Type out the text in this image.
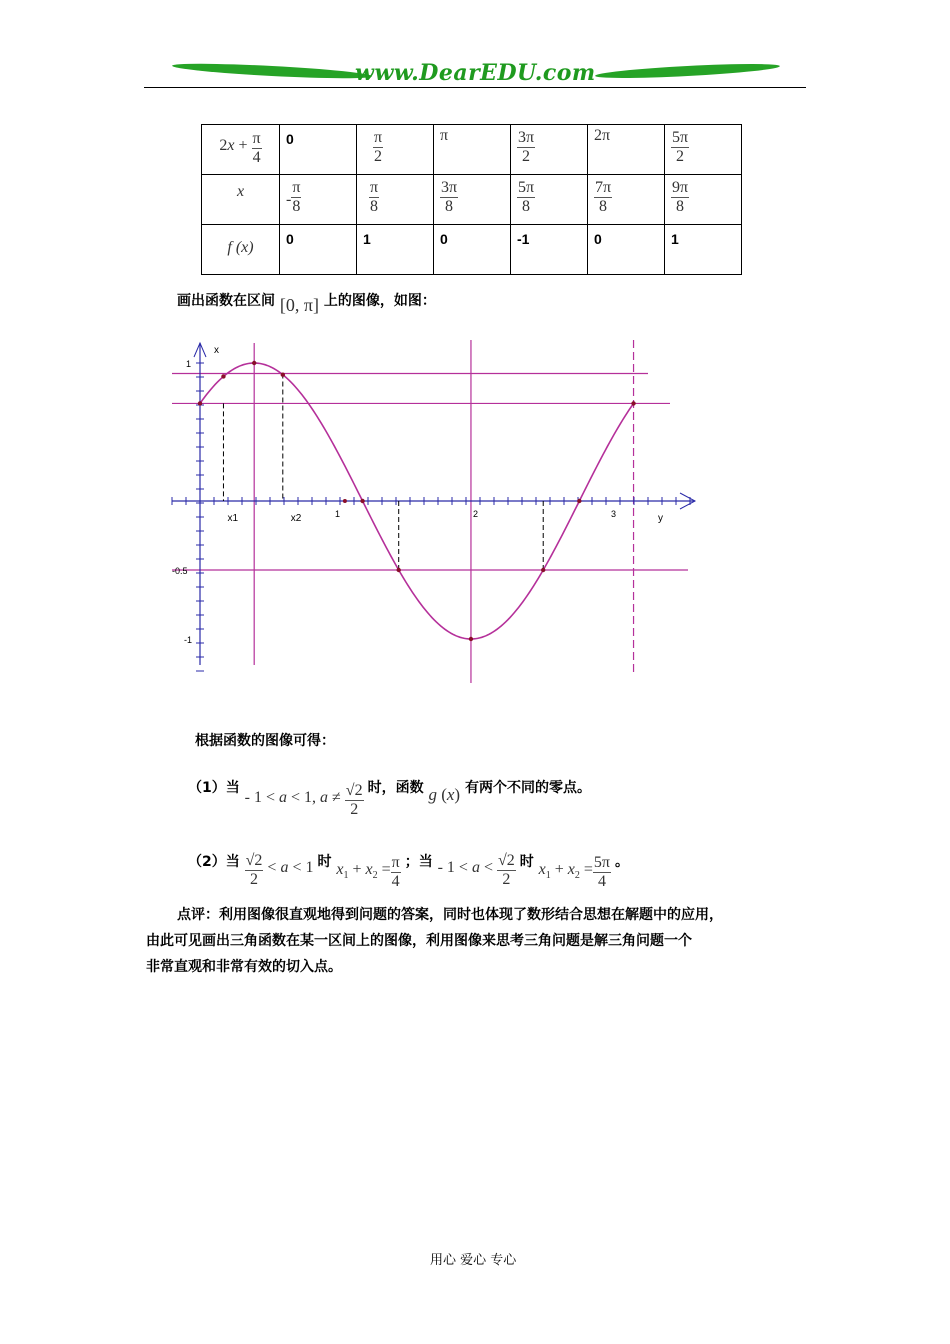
www.DearEDU.com
$2x + \frac{\pi}{4}$	0	$\frac{\pi}{2}$	π	$\frac{3\pi}{2}$	2π	$\frac{5\pi}{2}$

x	- $\frac{\pi}{8}$	$\frac{\pi}{8}$	$\frac{3\pi}{8}$	$\frac{5\pi}{8}$	$\frac{7\pi}{8}$	$\frac{9\pi}{8}$

f (x)	0	1	0	-1	0	1
画出函数在区间 [0, π] 上的图像，如图：
x
y
1	2	3
1
-0.5
-1
x1	x2
根据函数的图像可得：
（1）当 - 1 < a < 1, $a \ne \frac{√2}{2}$ 时，函数 g (x) 有两个不同的零点。
（2）当 $\frac{√2}{2} < a < 1$ 时 $x_1 + x_2 = \frac{\pi}{4}$ ；当 - $1 < a < \frac{√2}{2}$ 时 $x_1 + x_2 = \frac{5\pi}{4}$ 。
点评：利用图像很直观地得到问题的答案，同时也体现了数形结合思想在解题中的应用，
由此可见画出三角函数在某一区间上的图像，利用图像来思考三角问题是解三角问题一个
非常直观和非常有效的切入点。
用心 爱心 专心
